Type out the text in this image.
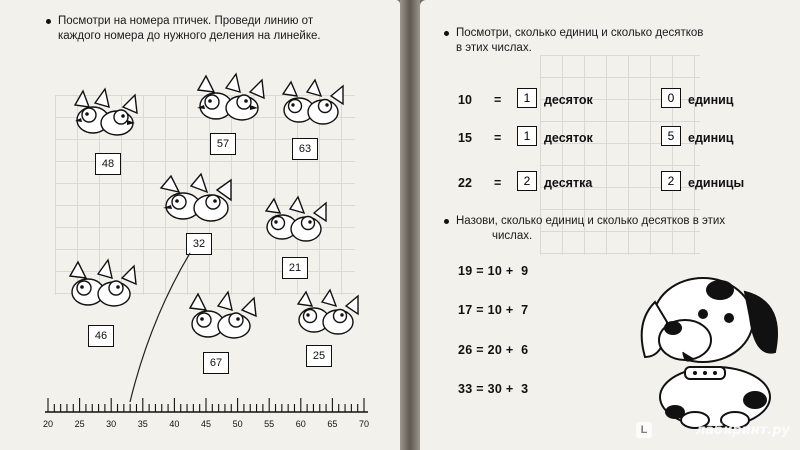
Посмотри на номера птичек. Проведи линию от
каждого номера до нужного деления на линейке.
48
57	63
32
21
46
67
25
20 25 30 35 40 45 50 55 60 65 70
Посмотри, сколько единиц и сколько десятков
в этих числах.
10 =	1	десяток	0	единиц
15 =	1	десяток	5	единиц
22 =	2	десятка	2	единицы
Назови, сколько единиц и сколько десятков в этих
числах.
19 = 10 +  9
17 = 10 +  7
26 = 20 +  6
33 = 30 +  3
L	лабиринт.ру
